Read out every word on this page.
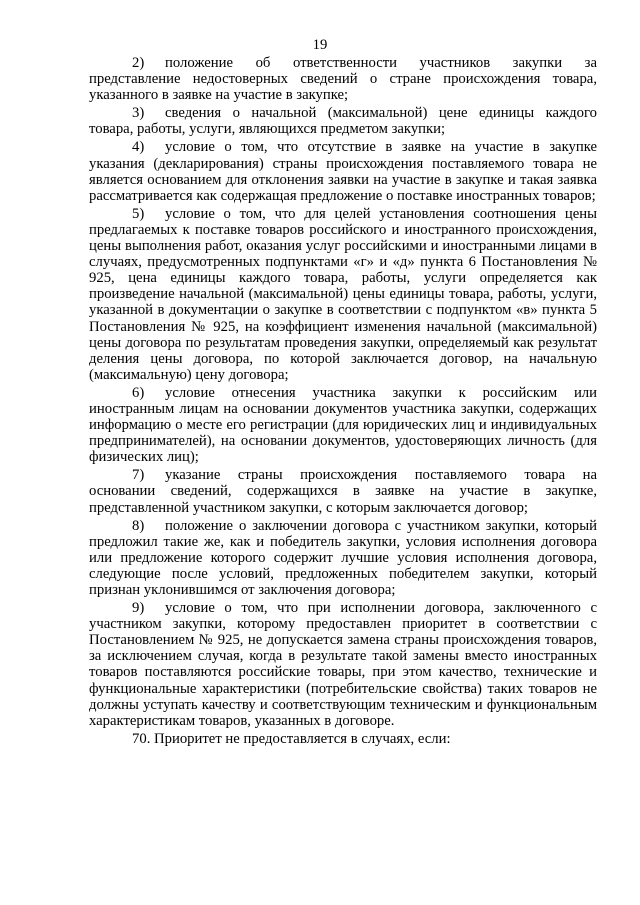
19

2) положение об ответственности участников закупки за представление недостоверных сведений о стране происхождения товара, указанного в заявке на участие в закупке;

3) сведения о начальной (максимальной) цене единицы каждого товара, работы, услуги, являющихся предметом закупки;

4) условие о том, что отсутствие в заявке на участие в закупке указания (декларирования) страны происхождения поставляемого товара не является основанием для отклонения заявки на участие в закупке и такая заявка рассматривается как содержащая предложение о поставке иностранных товаров;

5) условие о том, что для целей установления соотношения цены предлагаемых к поставке товаров российского и иностранного происхождения, цены выполнения работ, оказания услуг российскими и иностранными лицами в случаях, предусмотренных подпунктами «г» и «д» пункта 6 Постановления № 925, цена единицы каждого товара, работы, услуги определяется как произведение начальной (максимальной) цены единицы товара, работы, услуги, указанной в документации о закупке в соответствии с подпунктом «в» пункта 5 Постановления № 925, на коэффициент изменения начальной (максимальной) цены договора по результатам проведения закупки, определяемый как результат деления цены договора, по которой заключается договор, на начальную (максимальную) цену договора;

6) условие отнесения участника закупки к российским или иностранным лицам на основании документов участника закупки, содержащих информацию о месте его регистрации (для юридических лиц и индивидуальных предпринимателей), на основании документов, удостоверяющих личность (для физических лиц);

7) указание страны происхождения поставляемого товара на основании сведений, содержащихся в заявке на участие в закупке, представленной участником закупки, с которым заключается договор;

8) положение о заключении договора с участником закупки, который предложил такие же, как и победитель закупки, условия исполнения договора или предложение которого содержит лучшие условия исполнения договора, следующие после условий, предложенных победителем закупки, который признан уклонившимся от заключения договора;

9) условие о том, что при исполнении договора, заключенного с участником закупки, которому предоставлен приоритет в соответствии с Постановлением № 925, не допускается замена страны происхождения товаров, за исключением случая, когда в результате такой замены вместо иностранных товаров поставляются российские товары, при этом качество, технические и функциональные характеристики (потребительские свойства) таких товаров не должны уступать качеству и соответствующим техническим и функциональным характеристикам товаров, указанных в договоре.

70. Приоритет не предоставляется в случаях, если:
